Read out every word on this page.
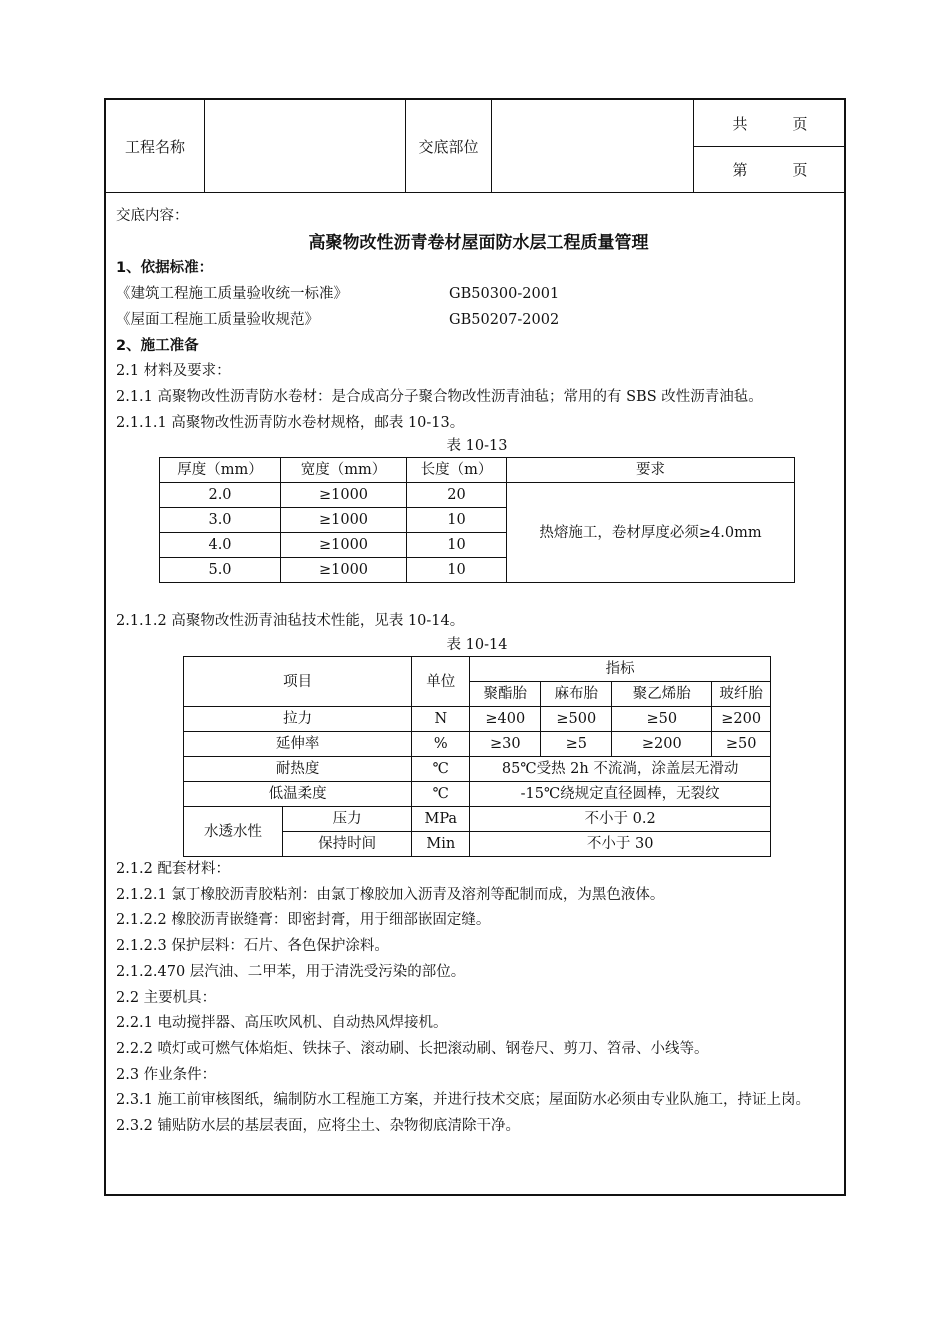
工程名称	交底部位
共　　　页
第　　　页
交底内容：
高聚物改性沥青卷材屋面防水层工程质量管理
1、依据标准：
《建筑工程施工质量验收统一标准》	GB50300-2001
《屋面工程施工质量验收规范》	GB50207-2002
2、施工准备
2.1 材料及要求：
2.1.1 高聚物改性沥青防水卷材：是合成高分子聚合物改性沥青油毡；常用的有 SBS 改性沥青油毡。
2.1.1.1 高聚物改性沥青防水卷材规格，邮表 10-13。
表 10-13
厚度（mm）	宽度（mm）	长度（m）	要求
2.0	≥1000	20	热熔施工，卷材厚度必须≥4.0mm
3.0	≥1000	10	
4.0	≥1000	10	
5.0	≥1000	10	
2.1.1.2 高聚物改性沥青油毡技术性能，见表 10-14。
表 10-14
项目		单位	指标			
			聚酯胎	麻布胎	聚乙烯胎	玻纤胎
拉力		N	≥400	≥500	≥50	≥200
延伸率		%	≥30	≥5	≥200	≥50
耐热度		℃	85℃受热 2h 不流淌，涂盖层无滑动			
低温柔度		℃	-15℃绕规定直径圆棒，无裂纹			
水透水性	压力	MPa	不小于 0.2			
	保持时间	Min	不小于 30			
2.1.2 配套材料：
2.1.2.1 氯丁橡胶沥青胶粘剂：由氯丁橡胶加入沥青及溶剂等配制而成，为黑色液体。
2.1.2.2 橡胶沥青嵌缝膏：即密封膏，用于细部嵌固定缝。
2.1.2.3 保护层料：石片、各色保护涂料。
2.1.2.470 层汽油、二甲苯，用于清洗受污染的部位。
2.2 主要机具：
2.2.1 电动搅拌器、高压吹风机、自动热风焊接机。
2.2.2 喷灯或可燃气体焰炬、铁抹子、滚动刷、长把滚动刷、钢卷尺、剪刀、笤帚、小线等。
2.3 作业条件：
2.3.1 施工前审核图纸，编制防水工程施工方案，并进行技术交底；屋面防水必须由专业队施工，持证上岗。
2.3.2 铺贴防水层的基层表面，应将尘土、杂物彻底清除干净。
